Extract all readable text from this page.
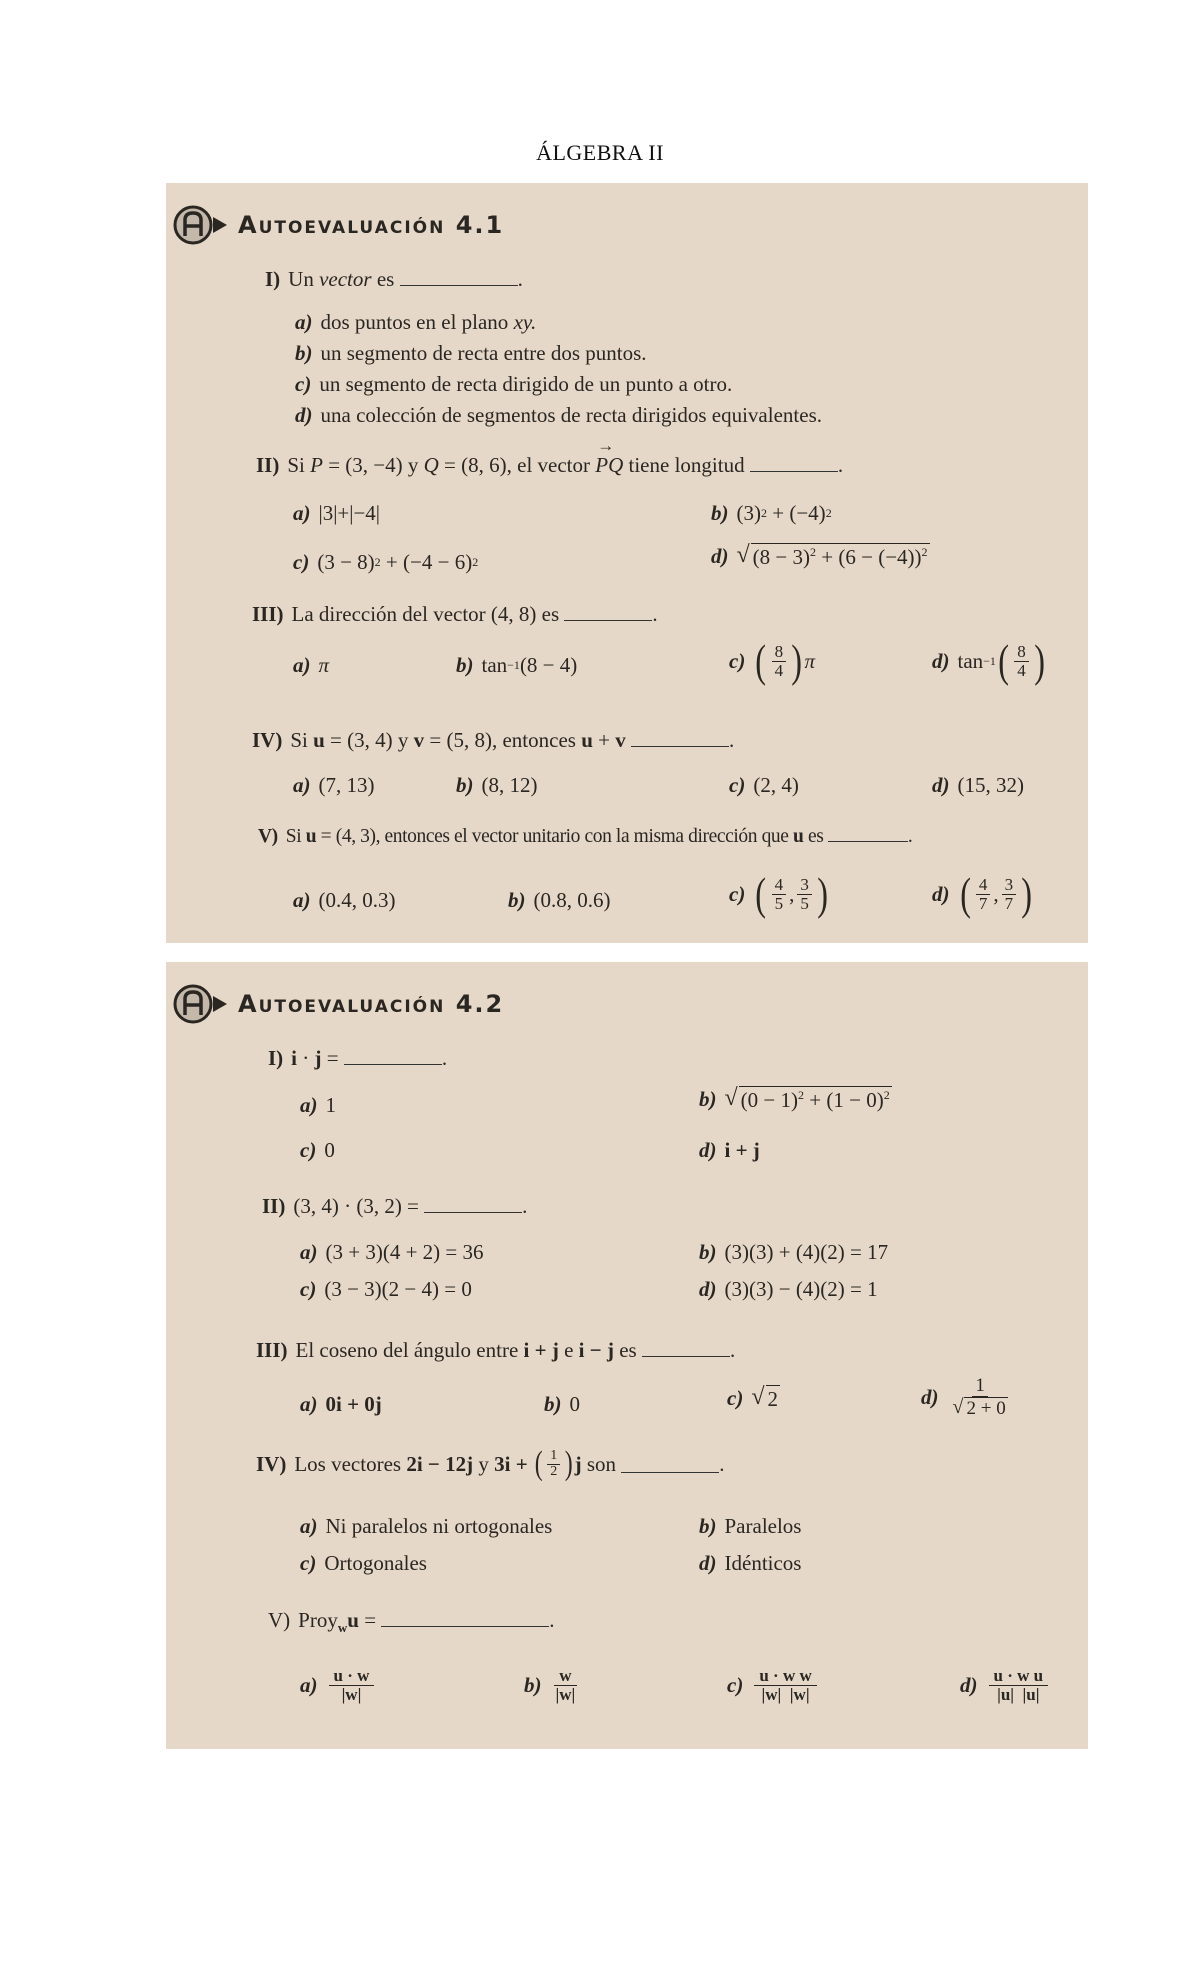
ÁLGEBRA II
Autoevaluación 4.1
I) Un vector es	.
a) dos puntos en el plano
xy.
b) un segmento de recta entre dos puntos.
c) un segmento de recta dirigido de un punto a otro.
d) una colección de segmentos de recta dirigidos equivalentes.
II) Si P = (3, −4) y Q = (8, 6), el vector → PQ tiene longitud	.
a) |3|+|−4|	b) (3) 2 + (−4) 2
c) (3 − 8) 2 + (−4 − 6) 2	d) √ $(8 - 3)^2 + (6 - (-4))^2$
III) La dirección del vector (4, 8) es	.
a) π	b) tan −1 (8 − 4)	c) ( $\frac{8}{4}$ ) π	d) tan −1 ( $\frac{8}{4}$ )
IV) Si u = (3, 4) y v = (5, 8), entonces u + v	.
a) (7, 13)	b) (8, 12)	c) (2, 4)	d) (15, 32)
V) Si u = (4, 3), entonces el vector unitario con la misma dirección que u es	.
a) (0.4, 0.3)	b) (0.8, 0.6)	c) ( $\frac{4}{5}$ , $\frac{3}{5}$ )	d) ( $\frac{4}{7}$ , $\frac{3}{7}$ )
Autoevaluación 4.2
I) i · j =	.
a) 1	b) √ $(0 - 1)^2 + (1 - 0)^2$
c) 0	d) i + j
II) (3, 4) · (3, 2) =	.
a) (3 + 3)(4 + 2) = 36	b) (3)(3) + (4)(2) = 17
c) (3 − 3)(2 − 4) = 0	d) (3)(3) − (4)(2) = 1
III) El coseno del ángulo entre i + j e i − j es	.
a) 0i + 0j	b) 0	c) √ 2	$d) \frac{1}{√ 2 + 0}$
IV) Los vectores
2i − 12j
y
3i +
( $\frac{1}{2}$ ) j
son
	.
a) Ni paralelos ni ortogonales	b) Paralelos
c) Ortogonales	d) Idénticos
V) Proy$_w$u =	.
$a) \frac{u \cdot w}{|w|}$	$b) \frac{w}{|w|}$	$c) \frac{\text{u · w w}}{|w| |w|}$	$d) \frac{\text{u · w u}}{|u| |u|}$
